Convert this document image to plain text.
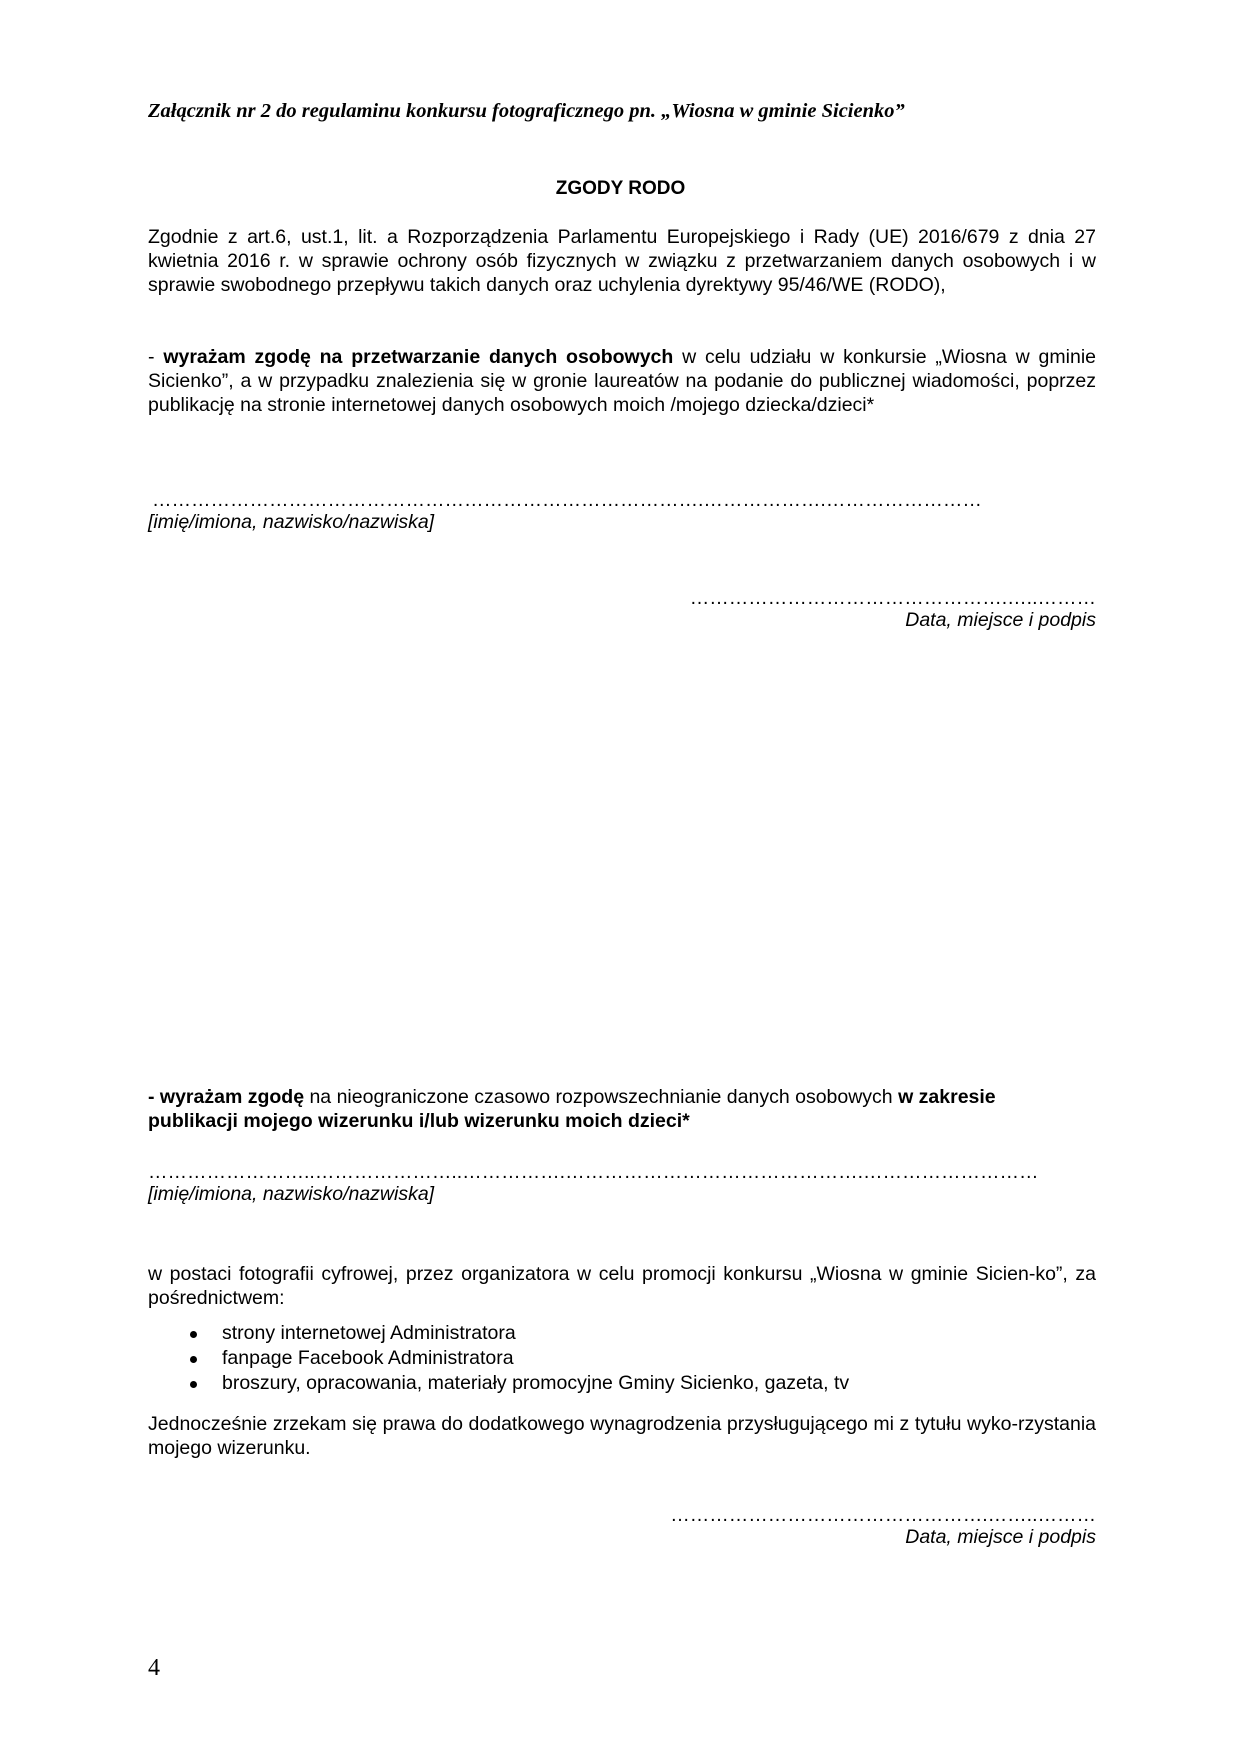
Załącznik nr 2 do regulaminu konkursu fotograficznego pn. „Wiosna w gminie Sicienko”
ZGODY RODO
Zgodnie z art.6, ust.1, lit. a Rozporządzenia Parlamentu Europejskiego i Rady (UE) 2016/679 z dnia 27 kwietnia 2016 r. w sprawie ochrony osób fizycznych w związku z przetwarzaniem danych osobowych i w sprawie swobodnego przepływu takich danych oraz uchylenia dyrektywy 95/46/WE (RODO),
- wyrażam zgodę na przetwarzanie danych osobowych w celu udziału w konkursie „Wiosna w gminie Sicienko”, a w przypadku znalezienia się w gronie laureatów na podanie do publicznej wiadomości, poprzez publikację na stronie internetowej danych osobowych moich /mojego dziecka/dzieci*
………………………………………………………………………….……………….……………………
[imię/imiona, nazwisko/nazwiska]
………………………………………….…..………
Data, miejsce i podpis
- wyrażam zgodę na nieograniczone czasowo rozpowszechnianie danych osobowych w zakresie publikacji mojego wizerunku i/lub wizerunku moich dzieci*
……………………..…………………..…………….……………………………………….………………………
[imię/imiona, nazwisko/nazwiska]
w postaci fotografii cyfrowej, przez organizatora w celu promocji konkursu „Wiosna w gminie Sicien-ko”, za pośrednictwem:
strony internetowej Administratora
fanpage Facebook Administratora
broszury, opracowania, materiały promocyjne Gminy Sicienko, gazeta, tv
Jednocześnie zrzekam się prawa do dodatkowego wynagrodzenia przysługującego mi z tytułu wyko-rzystania mojego wizerunku.
………………………………………….……..………
Data, miejsce i podpis
4
